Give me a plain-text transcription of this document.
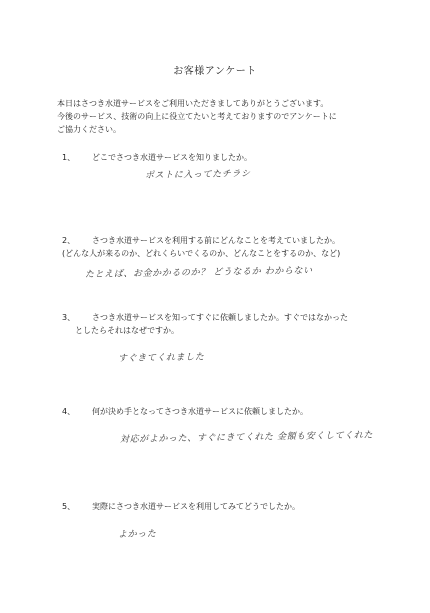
お客様アンケート
本日はさつき水道サービスをご利用いただきましてありがとうございます。
今後のサービス、技術の向上に役立てたいと考えておりますのでアンケートに
ご協力ください。
1、 どこでさつき水道サービスを知りましたか。
ポストに入ってたチラシ
2、 さつき水道サービスを利用する前にどんなことを考えていましたか。
(どんな人が来るのか、どれくらいでくるのか、どんなことをするのか、など)
たとえば、お金かかるのか？ どうなるか わからない
3、 さつき水道サービスを知ってすぐに依頼しましたか。すぐではなかった
としたらそれはなぜですか。
すぐきてくれました
4、 何が決め手となってさつき水道サービスに依頼しましたか。
対応がよかった、すぐにきてくれた 金額も安くしてくれた
5、 実際にさつき水道サービスを利用してみてどうでしたか。
よかった
